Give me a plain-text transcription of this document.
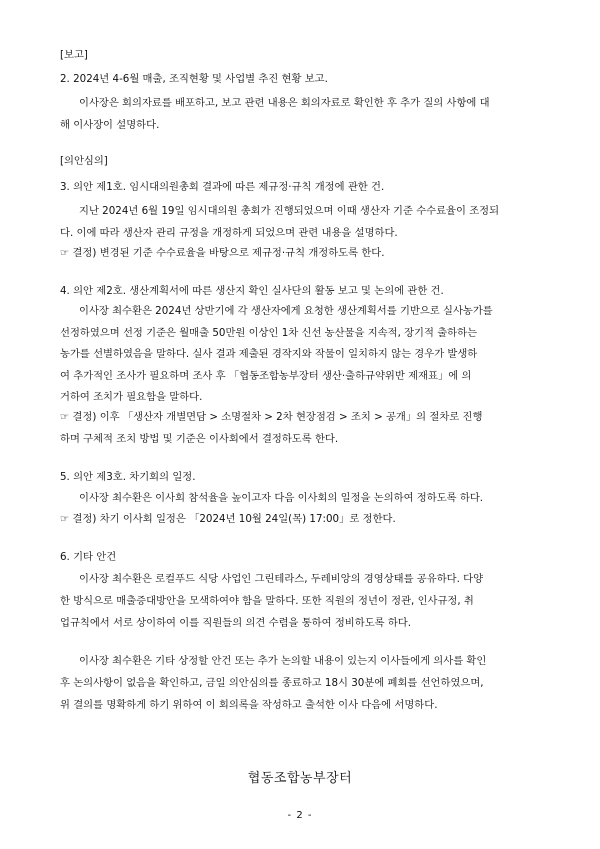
[보고]
2. 2024년 4-6월 매출, 조직현황 및 사업별 추진 현황 보고.
이사장은 회의자료를 배포하고, 보고 관련 내용은 회의자료로 확인한 후 추가 질의 사항에 대
해 이사장이 설명하다.
[의안심의]
3. 의안 제1호. 임시대의원총회 결과에 따른 제규정·규칙 개정에 관한 건.
지난 2024년 6월 19일 임시대의원 총회가 진행되었으며 이때 생산자 기준 수수료율이 조정되
다. 이에 따라 생산자 관리 규정을 개정하게 되었으며 관련 내용을 설명하다.
☞ 결정) 변경된 기준 수수료율을 바탕으로 제규정·규칙 개정하도록 한다.
4. 의안 제2호. 생산계획서에 따른 생산지 확인 실사단의 활동 보고 및 논의에 관한 건.
이사장 최수환은 2024년 상반기에 각 생산자에게 요청한 생산계획서를 기반으로 실사농가를
선정하였으며 선정 기준은 월매출 50만원 이상인 1차 신선 농산물을 지속적, 장기적 출하하는
농가를 선별하였음을 말하다. 실사 결과 제출된 경작지와 작물이 일치하지 않는 경우가 발생하
여 추가적인 조사가 필요하며 조사 후 「협동조합농부장터 생산·출하규약위반 제재표」에 의
거하여 조치가 필요함을 말하다.
☞ 결정) 이후 「생산자 개별면담 > 소명절차 > 2차 현장점검 > 조치 > 공개」의 절차로 진행
하며 구체적 조치 방법 및 기준은 이사회에서 결정하도록 한다.
5. 의안 제3호. 차기회의 일정.
이사장 최수환은 이사회 참석율을 높이고자 다음 이사회의 일정을 논의하여 정하도록 하다.
☞ 결정) 차기 이사회 일정은 「2024년 10월 24일(목) 17:00」로 정한다.
6. 기타 안건
이사장 최수환은 로컬푸드 식당 사업인 그린테라스, 두레비앙의 경영상태를 공유하다. 다양
한 방식으로 매출증대방안을 모색하여야 함을 말하다. 또한 직원의 정년이 정관, 인사규정, 취
업규칙에서 서로 상이하여 이를 직원들의 의견 수렴을 통하여 정비하도록 하다.
이사장 최수환은 기타 상정할 안건 또는 추가 논의할 내용이 있는지 이사들에게 의사를 확인
후 논의사항이 없음을 확인하고, 금일 의안심의를 종료하고 18시 30분에 폐회를 선언하였으며,
위 결의를 명확하게 하기 위하여 이 회의록을 작성하고 출석한 이사 다음에 서명하다.
협동조합농부장터
- 2 -
